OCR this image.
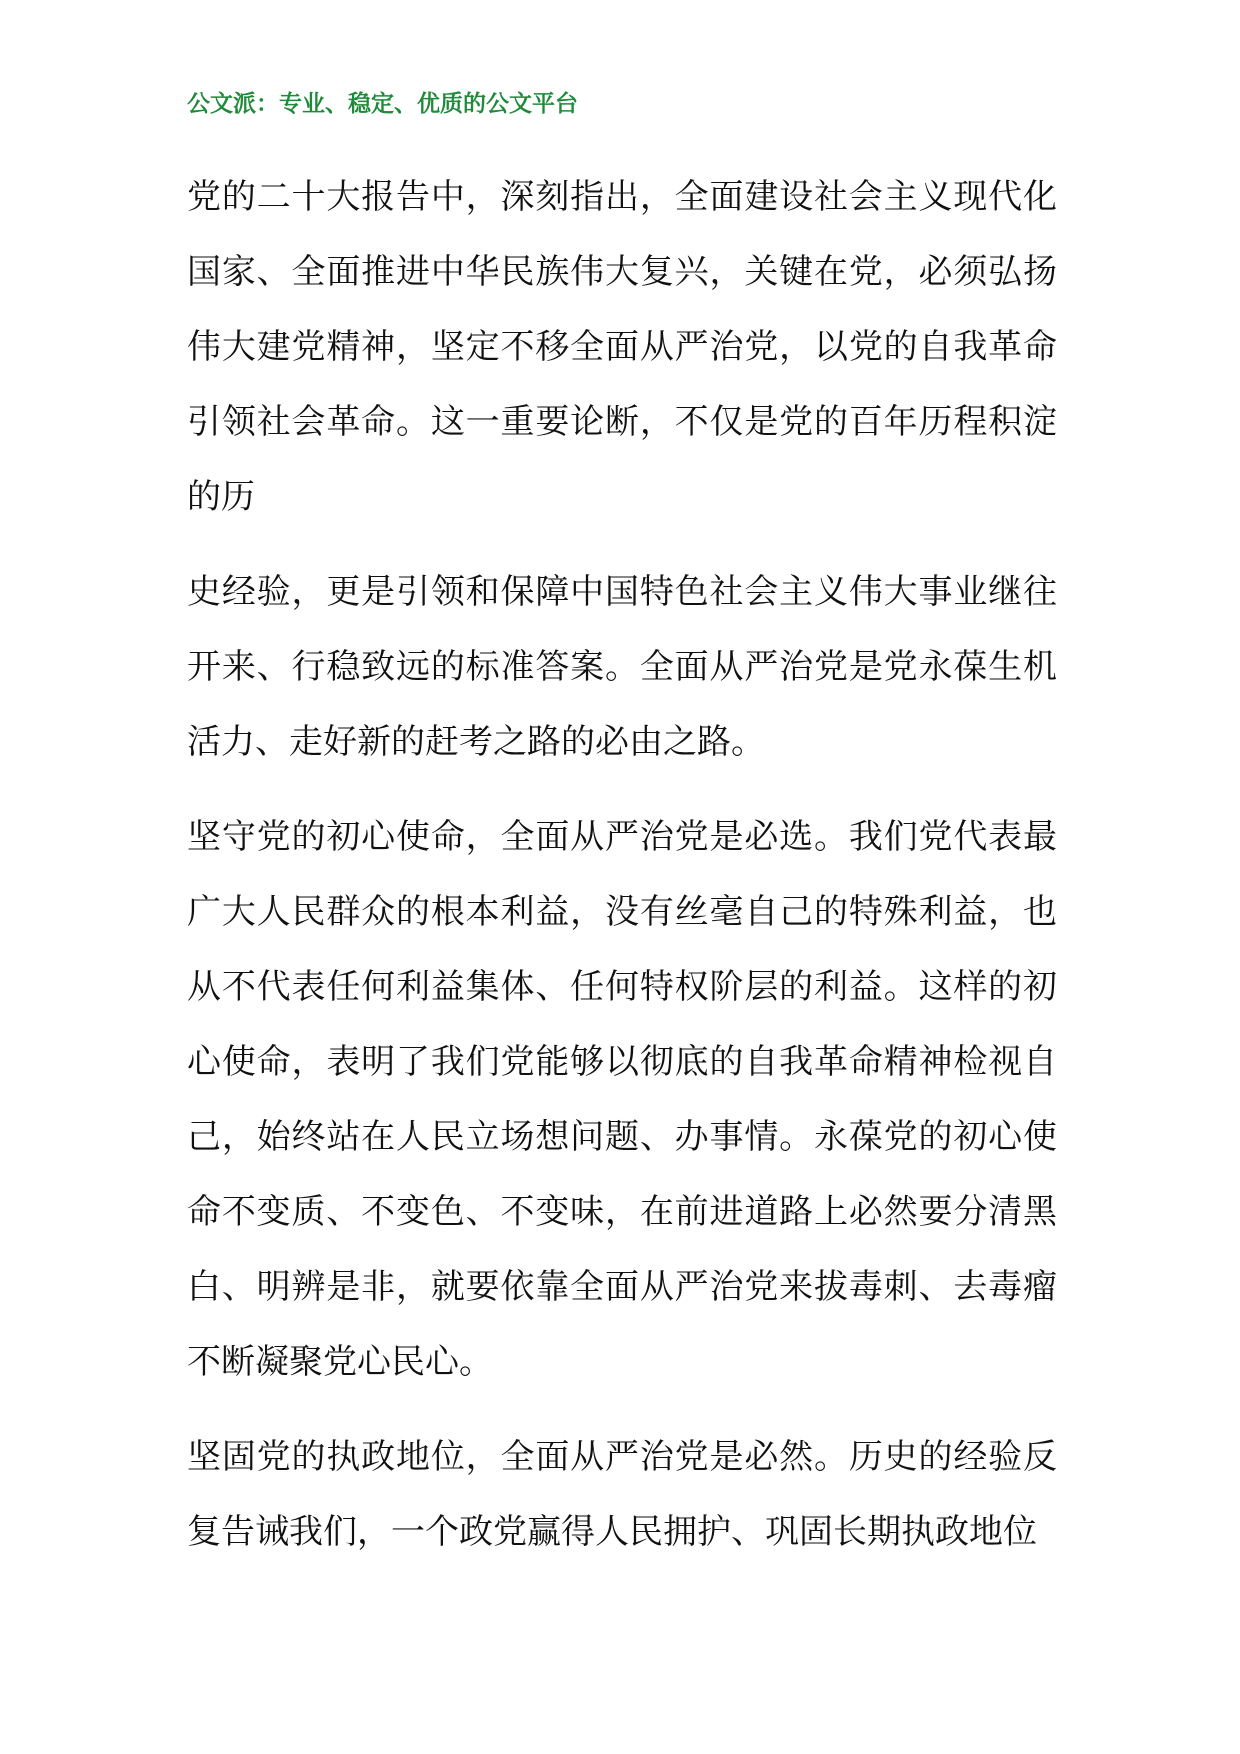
公文派：专业、稳定、优质的公文平台

党的二十大报告中，深刻指出，全面建设社会主义现代化国家、全面推进中华民族伟大复兴，关键在党，必须弘扬伟大建党精神，坚定不移全面从严治党，以党的自我革命引领社会革命。这一重要论断，不仅是党的百年历程积淀的历

史经验，更是引领和保障中国特色社会主义伟大事业继往开来、行稳致远的标准答案。全面从严治党是党永葆生机活力、走好新的赶考之路的必由之路。

坚守党的初心使命，全面从严治党是必选。我们党代表最广大人民群众的根本利益，没有丝毫自己的特殊利益，也从不代表任何利益集体、任何特权阶层的利益。这样的初心使命，表明了我们党能够以彻底的自我革命精神检视自己，始终站在人民立场想问题、办事情。永葆党的初心使命不变质、不变色、不变味，在前进道路上必然要分清黑白、明辨是非，就要依靠全面从严治党来拔毒刺、去毒瘤不断凝聚党心民心。

坚固党的执政地位，全面从严治党是必然。历史的经验反复告诫我们，一个政党赢得人民拥护、巩固长期执政地位
